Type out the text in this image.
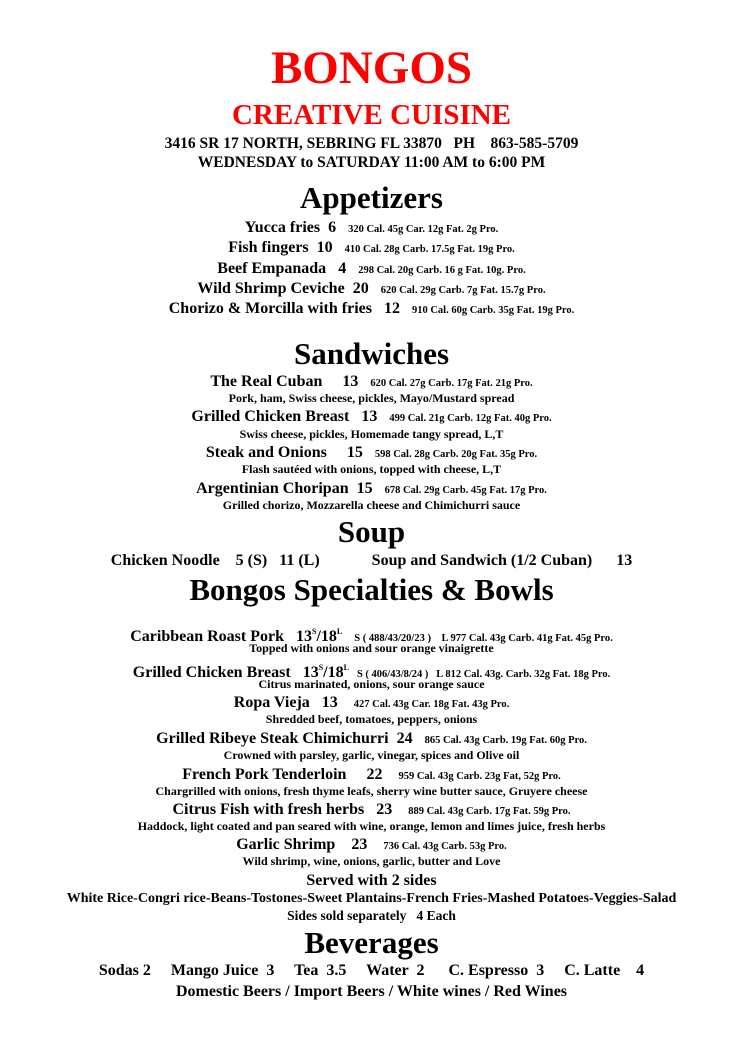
BONGOS
CREATIVE CUISINE
3416 SR 17 NORTH, SEBRING FL 33870 PH 863-585-5709
WEDNESDAY to SATURDAY 11:00 AM to 6:00 PM
Appetizers
Yucca fries 6 320 Cal. 45g Car. 12g Fat. 2g Pro.
Fish fingers 10 410 Cal. 28g Carb. 17.5g Fat. 19g Pro.
Beef Empanada 4 298 Cal. 20g Carb. 16 g Fat. 10g. Pro.
Wild Shrimp Ceviche 20 620 Cal. 29g Carb. 7g Fat. 15.7g Pro.
Chorizo & Morcilla with fries 12 910 Cal. 60g Carb. 35g Fat. 19g Pro.
Sandwiches
The Real Cuban 13 620 Cal. 27g Carb. 17g Fat. 21g Pro.
Pork, ham, Swiss cheese, pickles, Mayo/Mustard spread
Grilled Chicken Breast 13 499 Cal. 21g Carb. 12g Fat. 40g Pro.
Swiss cheese, pickles, Homemade tangy spread, L,T
Steak and Onions 15 598 Cal. 28g Carb. 20g Fat. 35g Pro.
Flash sautéed with onions, topped with cheese, L,T
Argentinian Choripan 15 678 Cal. 29g Carb. 45g Fat. 17g Pro.
Grilled chorizo, Mozzarella cheese and Chimichurri sauce
Soup
Chicken Noodle 5 (S)   11 (L)	Soup and Sandwich (1/2 Cuban) 13
Bongos Specialties & Bowls
Caribbean Roast Pork $13^S/18^L$   S ( 488/43/20/23 )    L 977 Cal. 43g Carb. 41g Fat. 45g Pro.
Topped with onions and sour orange vinaigrette
Grilled Chicken Breast $13^S/18^L$  S ( 406/43/8/24 )   L 812 Cal. 43g. Carb. 32g Fat. 18g Pro.
Citrus marinated, onions, sour orange sauce
Ropa Vieja 13 427 Cal. 43g Car. 18g Fat. 43g Pro.
Shredded beef, tomatoes, peppers, onions
Grilled Ribeye Steak Chimichurri 24 865 Cal. 43g Carb. 19g Fat. 60g Pro.
Crowned with parsley, garlic, vinegar, spices and Olive oil
French Pork Tenderloin 22 959 Cal. 43g Carb. 23g Fat, 52g Pro.
Chargrilled with onions, fresh thyme leafs, sherry wine butter sauce, Gruyere cheese
Citrus Fish with fresh herbs 23 889 Cal. 43g Carb. 17g Fat. 59g Pro.
Haddock, light coated and pan seared with wine, orange, lemon and limes juice, fresh herbs
Garlic Shrimp 23 736 Cal. 43g Carb. 53g Pro.
Wild shrimp, wine, onions, garlic, butter and Love
Served with 2 sides
White Rice-Congri rice-Beans-Tostones-Sweet Plantains-French Fries-Mashed Potatoes-Veggies-Salad
Sides sold separately   4 Each
Beverages
Sodas 2     Mango Juice  3     Tea  3.5     Water  2      C. Espresso  3     C. Latte    4
Domestic Beers / Import Beers / White wines / Red Wines
